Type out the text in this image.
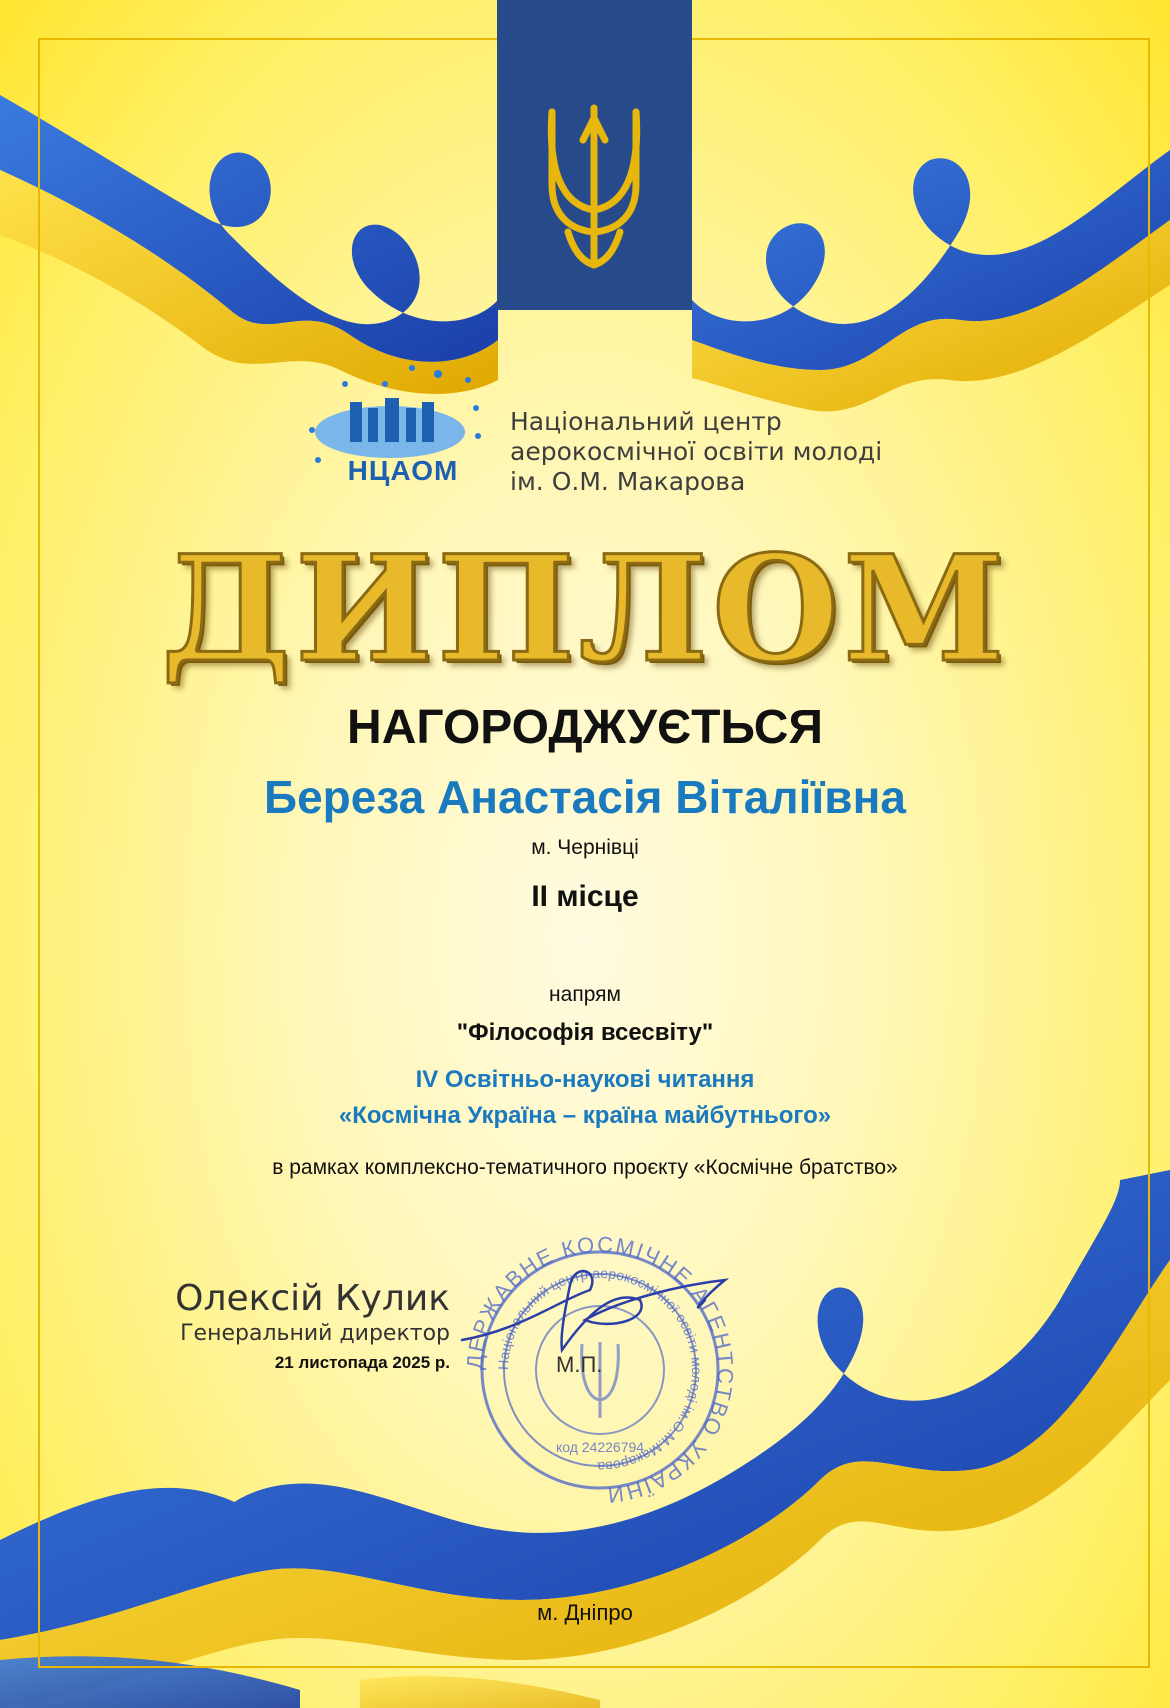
НЦАОМ
Національний центр
аерокосмічної освіти молоді
ім. О.М. Макарова
ДИПЛОМ
НАГОРОДЖУЄТЬСЯ
Береза Анастасія Віталіївна
м. Чернівці
ІІ місце
напрям
"Філософія всесвіту"
IV Освітньо-наукові читання
«Космічна Україна – країна майбутнього»
в рамках комплексно-тематичного проєкту «Космічне братство»
ДЕРЖАВНЕ КОСМІЧНЕ АГЕНТСТВО УКРАЇНИ
Національний центр аерокосмічної освіти молоді ім.О.М.Макарова
код 24226794
М.П.
Олексій Кулик
Генеральний директор
21 листопада 2025 р.
м. Дніпро
